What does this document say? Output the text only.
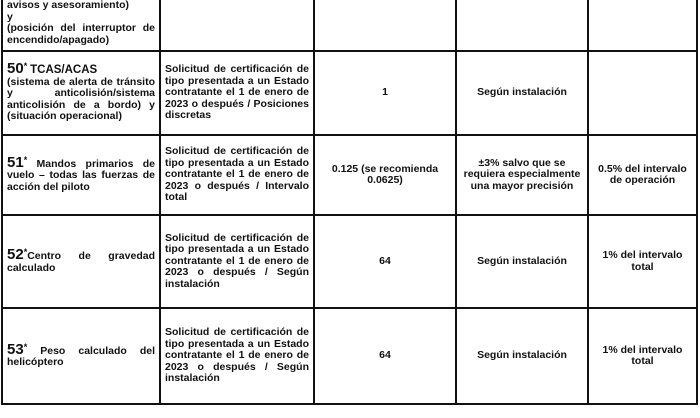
avisos y asesoramiento)
y
(posición del interruptor de encendido/apagado)				

50* TCAS/ACAS
(sistema de alerta de tránsito y anticolisión/sistema anticolisión de a bordo) y (situación operacional)	Solicitud de certificación de tipo presentada a un Estado contratante el 1 de enero de 2023 o después / Posiciones discretas	1	Según instalación	
51* Mandos primarios de vuelo – todas las fuerzas de acción del piloto	Solicitud de certificación de tipo presentada a un Estado contratante el 1 de enero de 2023 o después / Intervalo total	0.125 (se recomienda 0.0625)	±3% salvo que se requiera especialmente una mayor precisión	0.5% del intervalo de operación
52*Centro de gravedad calculado	Solicitud de certificación de tipo presentada a un Estado contratante el 1 de enero de 2023 o después / Según instalación	64	Según instalación	1% del intervalo total
53* Peso calculado del helicóptero	Solicitud de certificación de tipo presentada a un Estado contratante el 1 de enero de 2023 o después / Según instalación	64	Según instalación	1% del intervalo total
